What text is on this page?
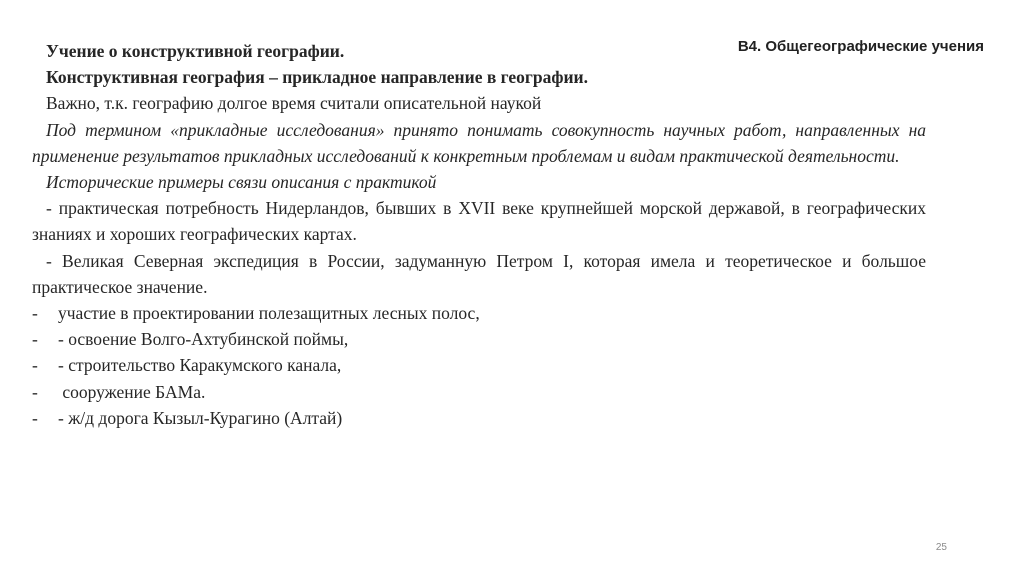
B4. Общегеографические учения

Учение о конструктивной географии.

Конструктивная география – прикладное направление в географии.

Важно, т.к. географию долгое время считали описательной наукой

Под термином «прикладные исследования» принято понимать совокупность научных работ, направленных на применение результатов прикладных исследований к конкретным проблемам и видам практической деятельности.

Исторические примеры связи описания с практикой

- практическая потребность Нидерландов, бывших в XVII веке крупнейшей морской державой, в географических знаниях и хороших географических картах.

- Великая Северная экспедиция в России, задуманную Петром I, которая имела и теоретическое и большое практическое значение.

-	участие в проектировании полезащитных лесных полос,
-	- освоение Волго-Ахтубинской поймы,
-	- строительство Каракумского канала,
-	сооружение БАМа.
-	- ж/д дорога Кызыл-Курагино (Алтай)
25
